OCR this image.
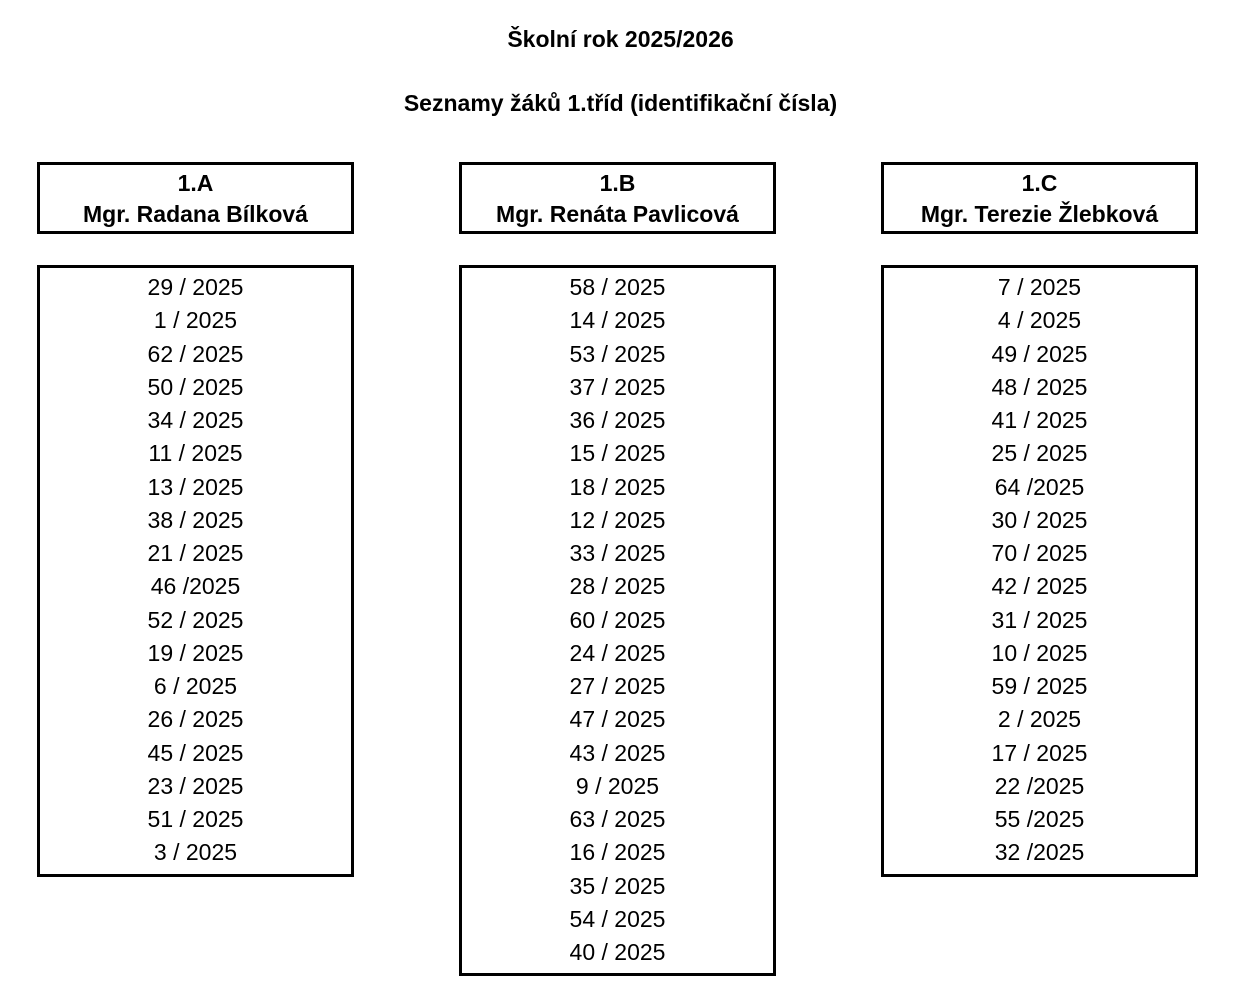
Školní rok 2025/2026
Seznamy žáků 1.tříd (identifikační čísla)
1.A
Mgr. Radana Bílková
1.B
Mgr. Renáta Pavlicová
1.C
Mgr. Terezie Žlebková
29 / 2025
1 / 2025
62 / 2025
50 / 2025
34 / 2025
11 / 2025
13 / 2025
38 / 2025
21 / 2025
46 /2025
52 / 2025
19 / 2025
6 / 2025
26 / 2025
45 / 2025
23 / 2025
51 / 2025
3 / 2025
58 / 2025
14 / 2025
53 / 2025
37 / 2025
36 / 2025
15 / 2025
18 / 2025
12 / 2025
33 / 2025
28 / 2025
60 / 2025
24 / 2025
27 / 2025
47 / 2025
43 / 2025
9 / 2025
63 / 2025
16 / 2025
35 / 2025
54 / 2025
40 / 2025
7 / 2025
4 / 2025
49 / 2025
48 / 2025
41 / 2025
25 / 2025
64 /2025
30 / 2025
70 / 2025
42 / 2025
31 / 2025
10 / 2025
59 / 2025
2 / 2025
17 / 2025
22 /2025
55 /2025
32 /2025
